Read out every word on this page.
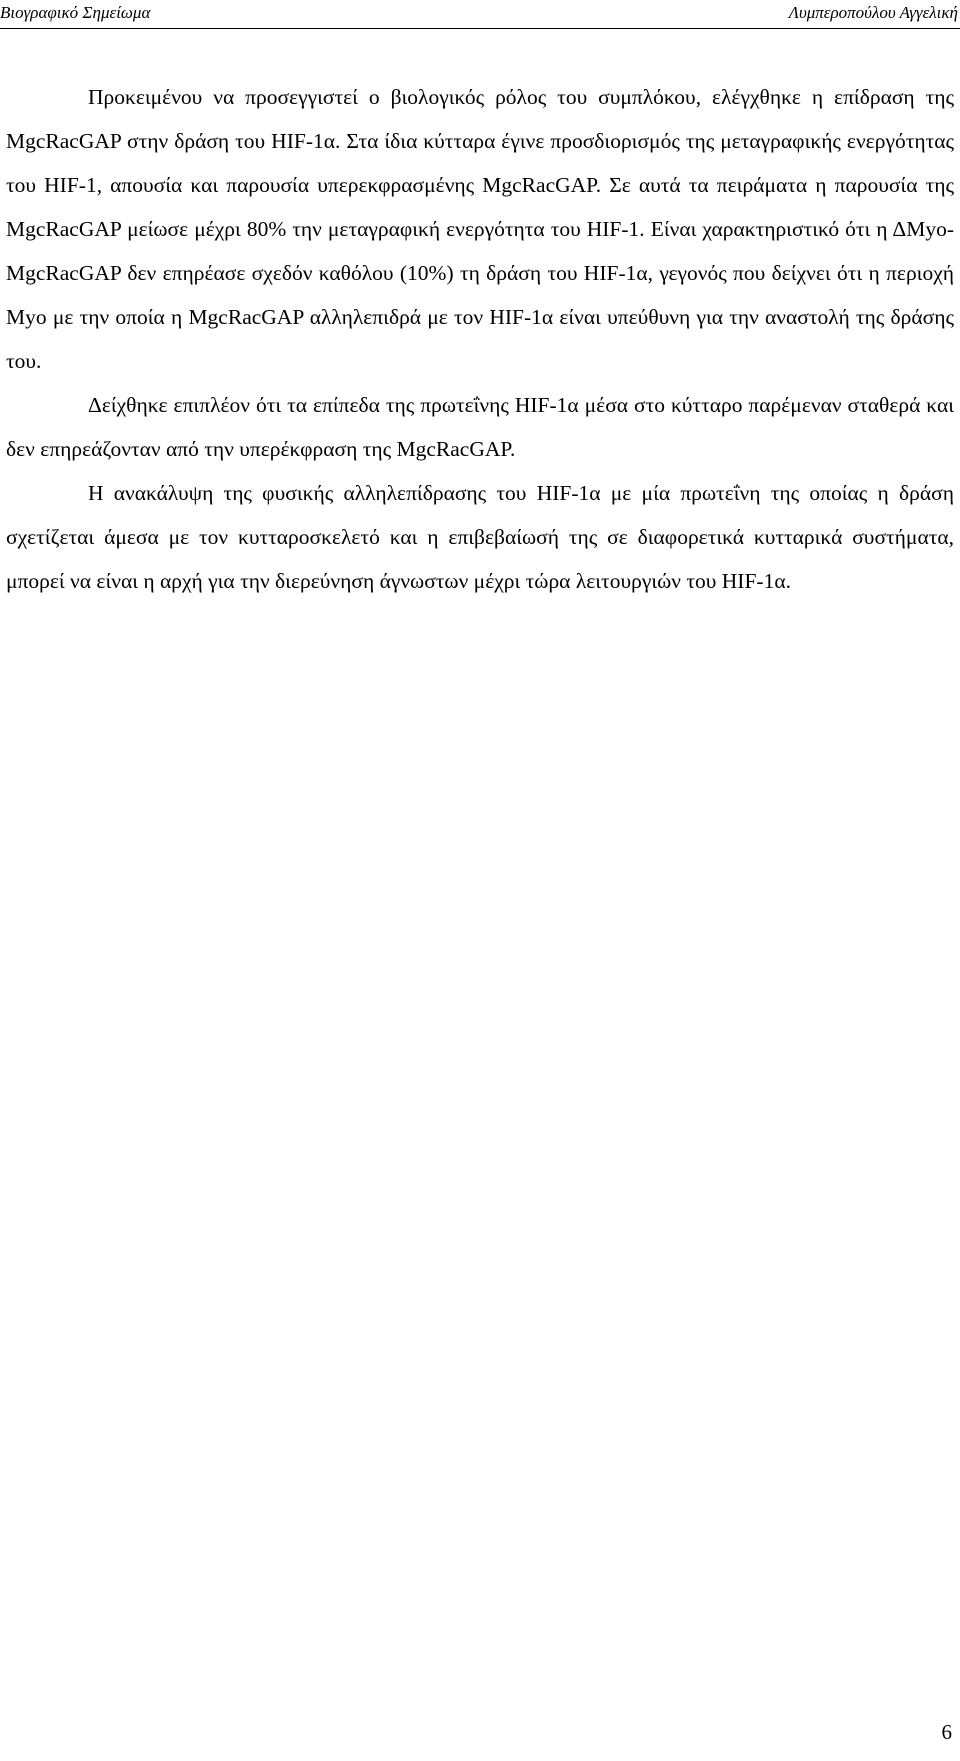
Βιογραφικό Σημείωμα	Λυμπεροπούλου Αγγελική

Προκειμένου να προσεγγιστεί ο βιολογικός ρόλος του συμπλόκου, ελέγχθηκε η επίδραση της MgcRacGAP στην δράση του HIF-1α. Στα ίδια κύτταρα έγινε προσδιορισμός της μεταγραφικής ενεργότητας του HIF-1, απουσία και παρουσία υπερεκφρασμένης MgcRacGAP. Σε αυτά τα πειράματα η παρουσία της MgcRacGAP μείωσε μέχρι 80% την μεταγραφική ενεργότητα του HIF-1. Είναι χαρακτηριστικό ότι η ΔMyo-MgcRacGAP δεν επηρέασε σχεδόν καθόλου (10%) τη δράση του HIF-1α, γεγονός που δείχνει ότι η περιοχή Myo με την οποία η MgcRacGAP αλληλεπιδρά με τον HIF-1α είναι υπεύθυνη για την αναστολή της δράσης του.

Δείχθηκε επιπλέον ότι τα επίπεδα της πρωτεΐνης HIF-1α μέσα στο κύτταρο παρέμεναν σταθερά και δεν επηρεάζονταν από την υπερέκφραση της MgcRacGAP.

Η ανακάλυψη της φυσικής αλληλεπίδρασης του HIF-1α με μία πρωτεΐνη της οποίας η δράση σχετίζεται άμεσα με τον κυτταροσκελετό και η επιβεβαίωσή της σε διαφορετικά κυτταρικά συστήματα, μπορεί να είναι η αρχή για την διερεύνηση άγνωστων μέχρι τώρα λειτουργιών του HIF-1α.

6
